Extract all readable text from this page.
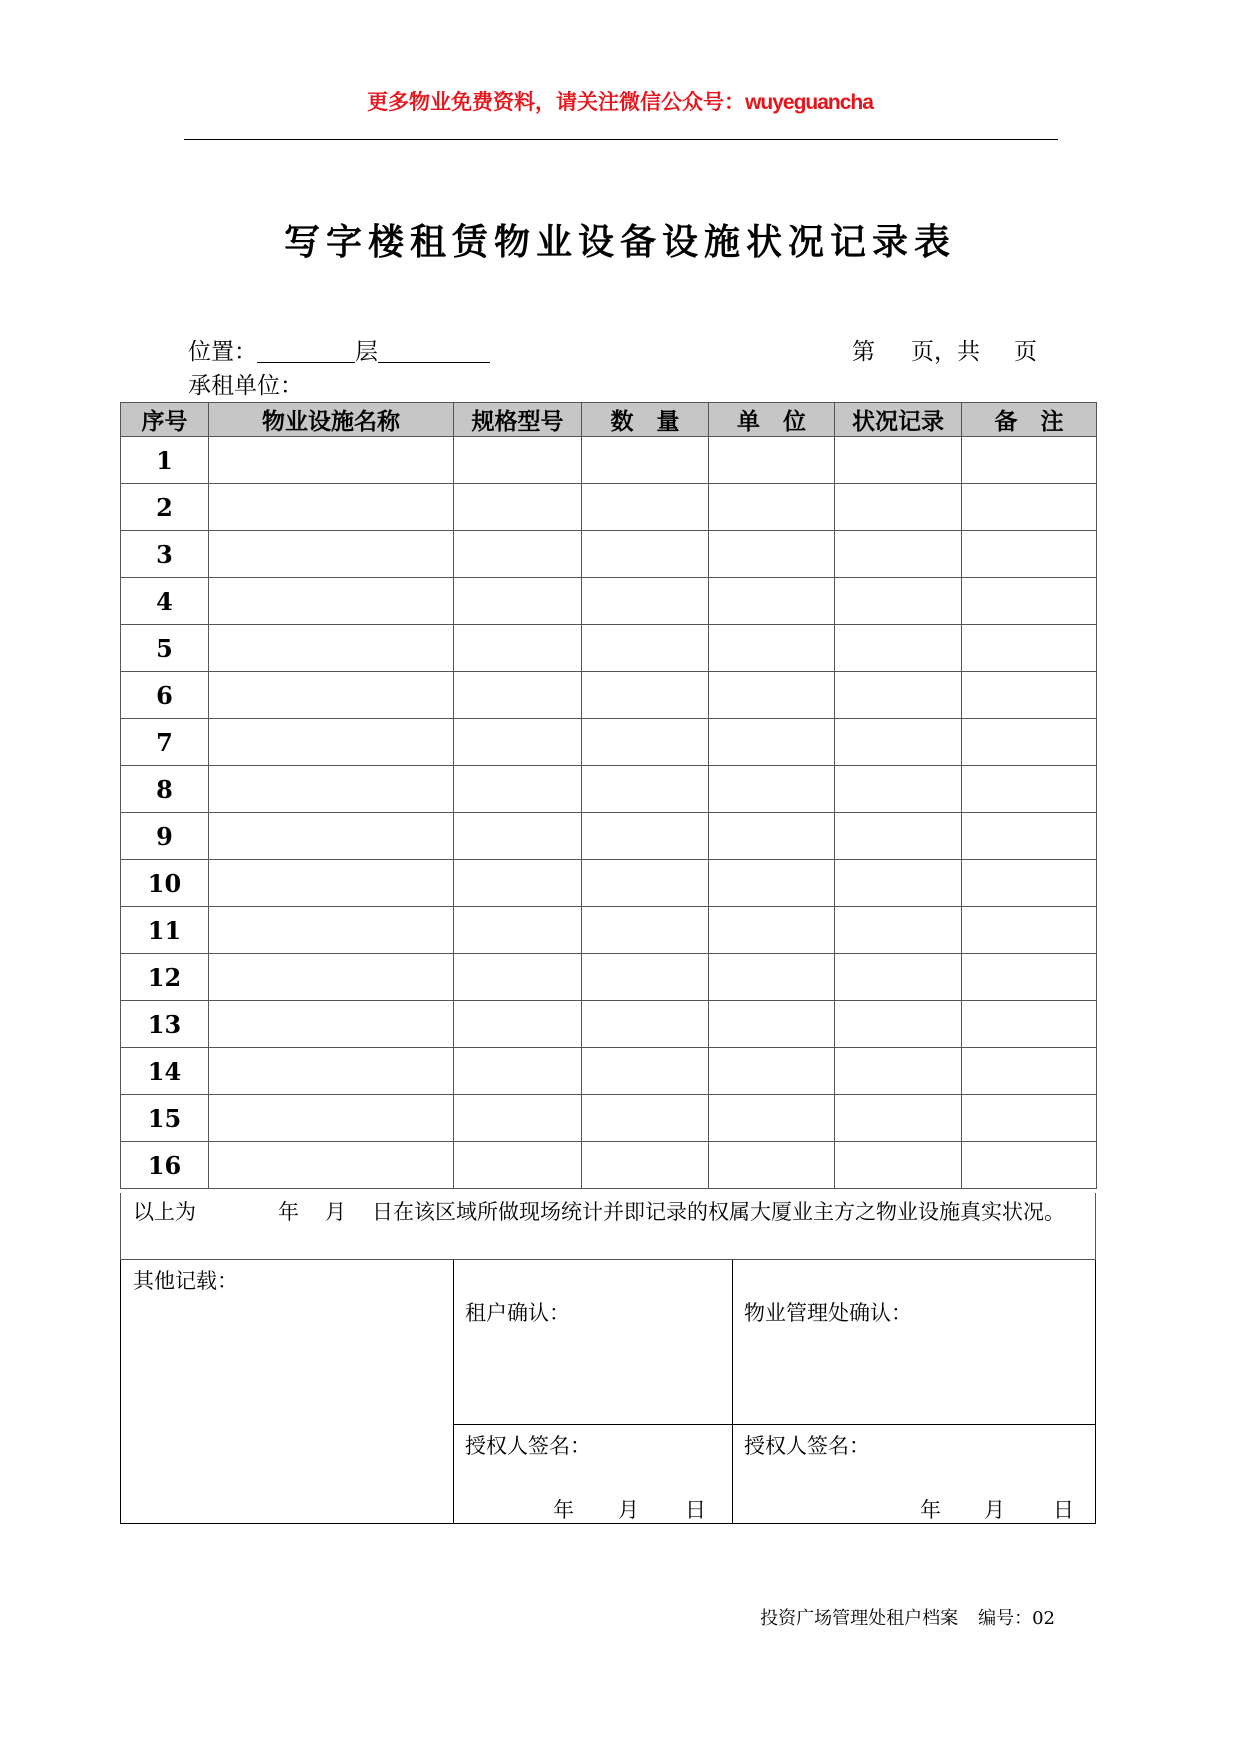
更多物业免费资料，请关注微信公众号：wuyeguancha
写字楼租赁物业设备设施状况记录表
位置：	层	第 页，共 页
承租单位：
序号	物业设施名称	规格型号	数　量	单　位	状况记录	备　注
1						
2						
3						
4						
5						
6						
7						
8						
9						
10						
11						
12						
13						
14						
15						
16						
以上为	年 月 日在该区域所做现场统计并即记录的权属大厦业主方之物业设施真实状况。
其他记载：
租户确认：	物业管理处确认：
授权人签名：	授权人签名：
年 月 日	年 月 日
投资广场管理处租户档案 编号：02
